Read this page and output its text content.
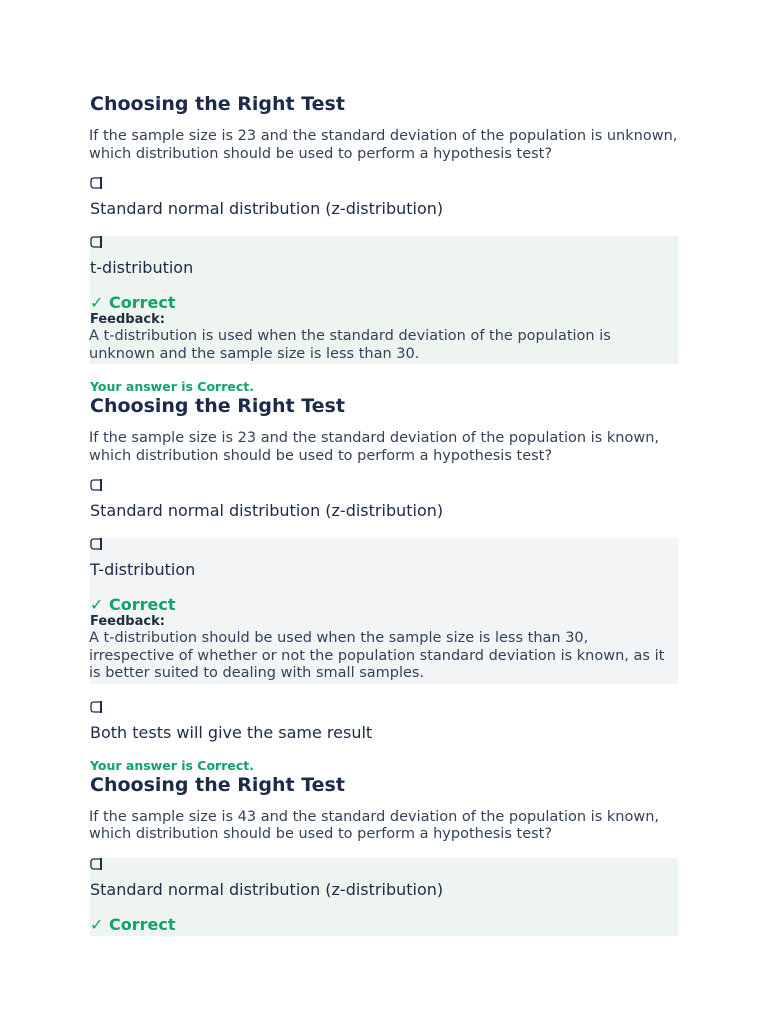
Choosing the Right Test
If the sample size is 23 and the standard deviation of the population is unknown, which distribution should be used to perform a hypothesis test?
Standard normal distribution (z-distribution)
t-distribution
✓ Correct
Feedback:
A t-distribution is used when the standard deviation of the population is unknown and the sample size is less than 30.
Your answer is Correct.
Choosing the Right Test
If the sample size is 23 and the standard deviation of the population is known, which distribution should be used to perform a hypothesis test?
Standard normal distribution (z-distribution)
T-distribution
✓ Correct
Feedback:
A t-distribution should be used when the sample size is less than 30, irrespective of whether or not the population standard deviation is known, as it is better suited to dealing with small samples.
Both tests will give the same result
Your answer is Correct.
Choosing the Right Test
If the sample size is 43 and the standard deviation of the population is known, which distribution should be used to perform a hypothesis test?
Standard normal distribution (z-distribution)
✓ Correct
